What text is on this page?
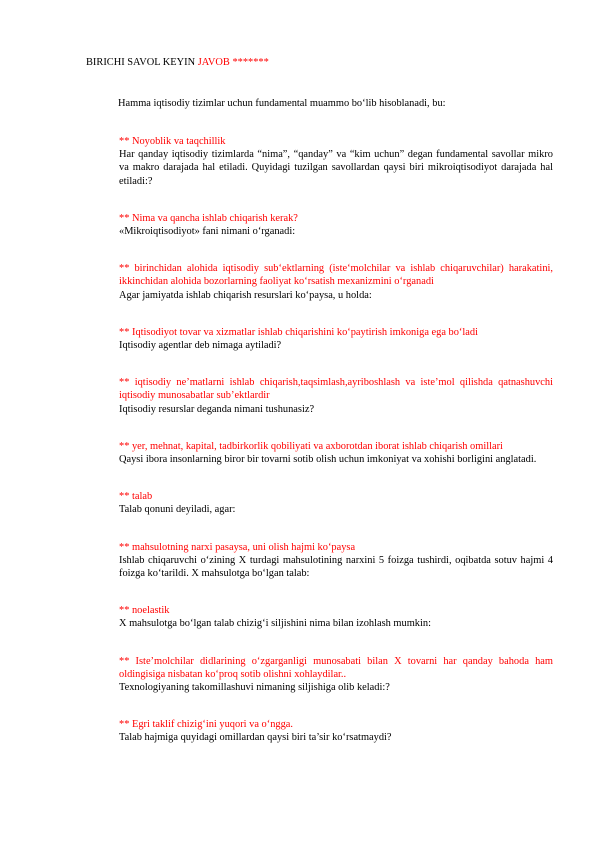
BIRICHI SAVOL KEYIN JAVOB *******
Hamma iqtisodiy tizimlar uchun fundamental muammo bo‘lib hisoblanadi, bu:
** Noyoblik va taqchillik
Har qanday iqtisodiy tizimlarda “nima”, “qanday” va “kim uchun” degan fundamental savollar mikro va makro darajada hal etiladi. Quyidagi tuzilgan savollardan qaysi biri mikroiqtisodiyot darajada hal etiladi:?
** Nima va qancha ishlab chiqarish kerak?
«Mikroiqtisodiyot» fani nimani o‘rganadi:
** birinchidan alohida iqtisodiy sub‘ektlarning (iste‘molchilar va ishlab chiqaruvchilar) harakatini, ikkinchidan alohida bozorlarning faoliyat ko‘rsatish mexanizmini o‘rganadi
Agar jamiyatda ishlab chiqarish resurslari ko‘paysa, u holda:
** Iqtisodiyot tovar va xizmatlar ishlab chiqarishini ko‘paytirish imkoniga ega bo‘ladi
Iqtisodiy agentlar deb nimaga aytiladi?
** iqtisodiy ne’matlarni ishlab chiqarish,taqsimlash,ayriboshlash va iste’mol qilishda qatnashuvchi iqtisodiy munosabatlar sub’ektlardir
Iqtisodiy resurslar deganda nimani tushunasiz?
** yer, mehnat, kapital, tadbirkorlik qobiliyati va axborotdan iborat ishlab chiqarish omillari
Qaysi ibora insonlarning biror bir tovarni sotib olish uchun imkoniyat va xohishi borligini anglatadi.
** talab
Talab qonuni deyiladi, agar:
** mahsulotning narxi pasaysa, uni olish hajmi ko‘paysa
Ishlab chiqaruvchi o‘zining X turdagi mahsulotining narxini 5 foizga tushirdi, oqibatda sotuv hajmi 4 foizga ko‘tarildi. X mahsulotga bo‘lgan talab:
** noelastik
X mahsulotga bo‘lgan talab chizig‘i siljishini nima bilan izohlash mumkin:
** Iste’molchilar didlarining o‘zgarganligi munosabati bilan X tovarni har qanday bahoda ham oldingisiga nisbatan ko‘proq sotib olishni xohlaydilar..
Texnologiyaning takomillashuvi nimaning siljishiga olib keladi:?
** Egri taklif chizig‘ini yuqori va o‘ngga.
Talab hajmiga quyidagi omillardan qaysi biri ta’sir ko‘rsatmaydi?
